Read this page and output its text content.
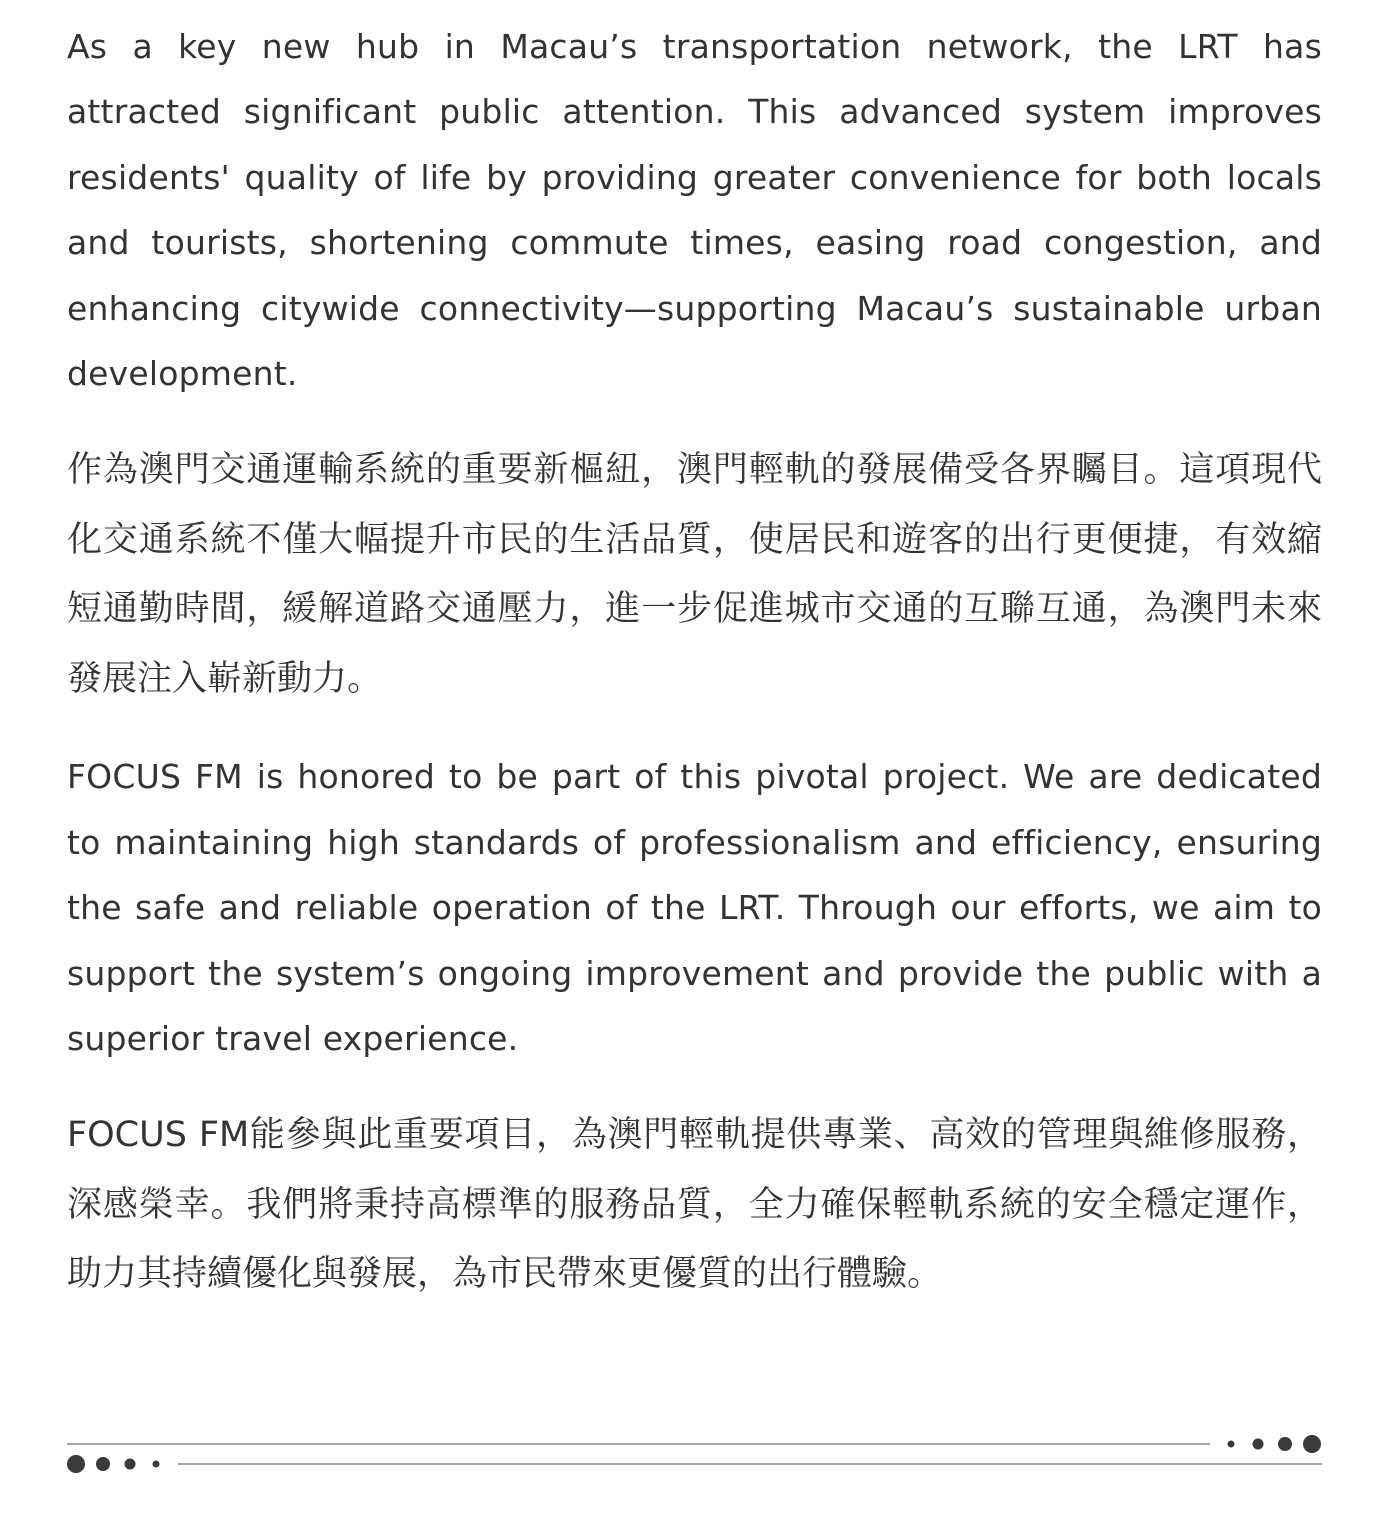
As a key new hub in Macau’s transportation network, the LRT has attracted significant public attention. This advanced system improves residents' quality of life by providing greater convenience for both locals and tourists, shortening commute times, easing road congestion, and enhancing citywide connectivity—supporting Macau’s sustainable urban development.

作為澳門交通運輸系統的重要新樞紐，澳門輕軌的發展備受各界矚目。這項現代化交通系統不僅大幅提升市民的生活品質，使居民和遊客的出行更便捷，有效縮短通勤時間，緩解道路交通壓力，進一步促進城市交通的互聯互通，為澳門未來發展注入嶄新動力。

FOCUS FM is honored to be part of this pivotal project. We are dedicated to maintaining high standards of professionalism and efficiency, ensuring the safe and reliable operation of the LRT. Through our efforts, we aim to support the system’s ongoing improvement and provide the public with a superior travel experience.

FOCUS FM能參與此重要項目，為澳門輕軌提供專業、高效的管理與維修服務，深感榮幸。我們將秉持高標準的服務品質，全力確保輕軌系統的安全穩定運作，助力其持續優化與發展，為市民帶來更優質的出行體驗。
